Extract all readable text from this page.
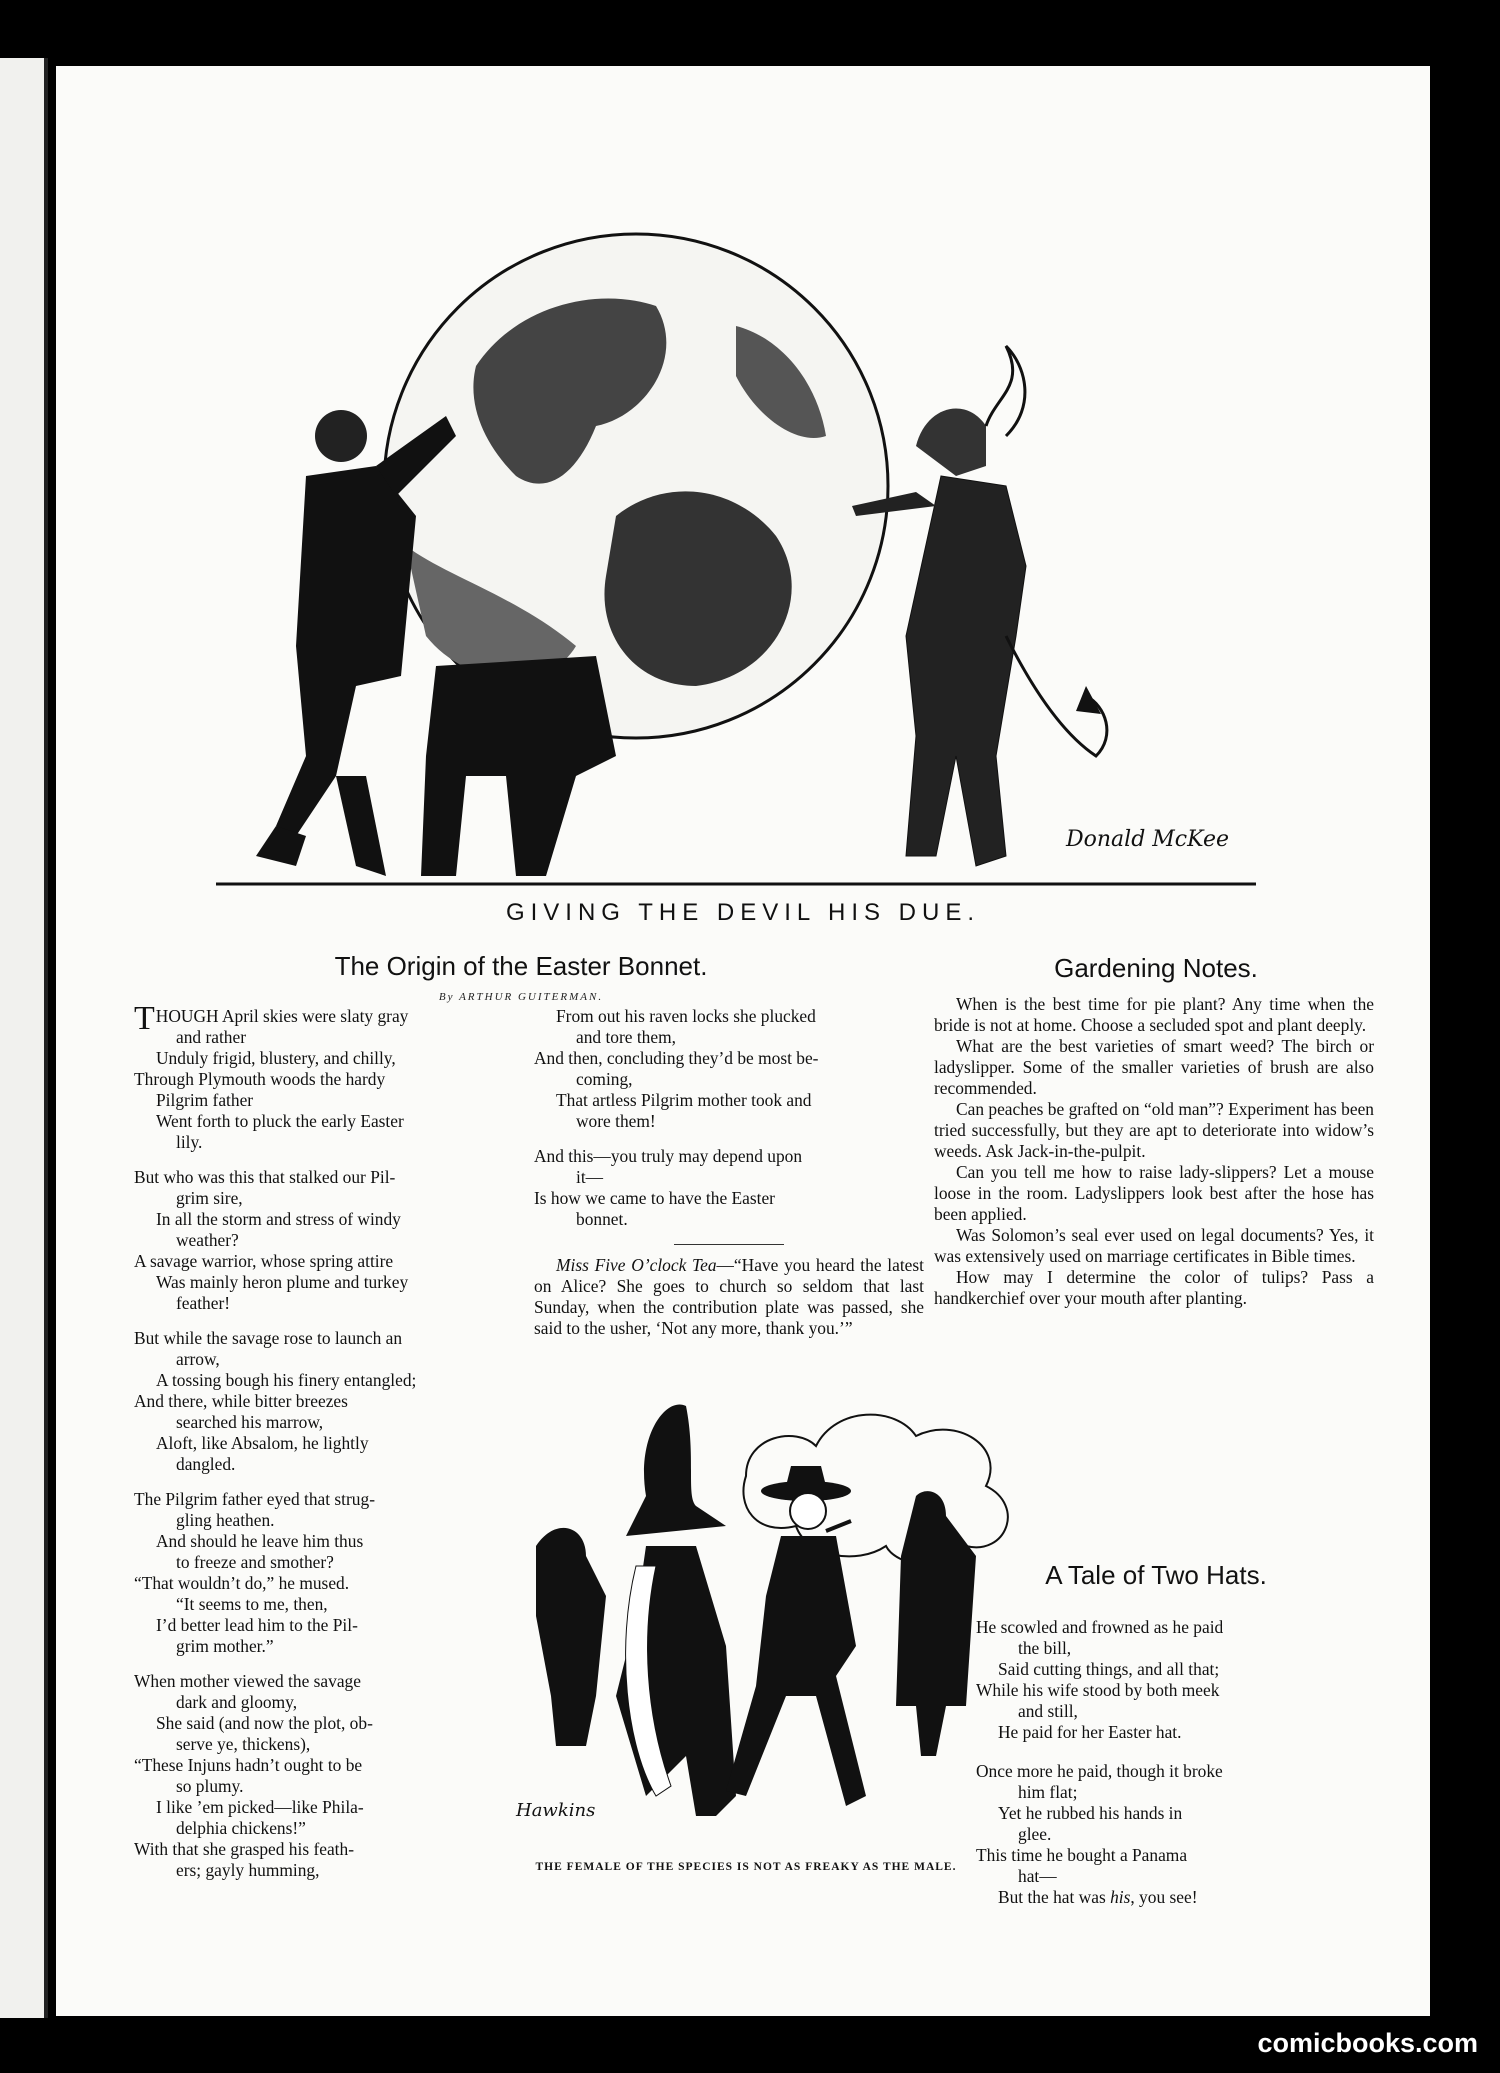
Donald McKee
GIVING THE DEVIL HIS DUE.
The Origin of the Easter Bonnet.
By ARTHUR GUITERMAN.

THOUGH April skies were slaty gray
and rather
Unduly frigid, blustery, and chilly,
Through Plymouth woods the hardy
Pilgrim father
Went forth to pluck the early Easter
lily.

But who was this that stalked our Pil-
grim sire,
In all the storm and stress of windy
weather?
A savage warrior, whose spring attire
Was mainly heron plume and turkey
feather!

But while the savage rose to launch an
arrow,
A tossing bough his finery entangled;
And there, while bitter breezes
searched his marrow,
Aloft, like Absalom, he lightly
dangled.

The Pilgrim father eyed that strug-
gling heathen.
And should he leave him thus
to freeze and smother?
“That wouldn’t do,” he mused.
“It seems to me, then,
I’d better lead him to the Pil-
grim mother.”

When mother viewed the savage
dark and gloomy,
She said (and now the plot, ob-
serve ye, thickens),
“These Injuns hadn’t ought to be
so plumy.
I like ’em picked—like Phila-
delphia chickens!”
With that she grasped his feath-
ers; gayly humming,

From out his raven locks she plucked
and tore them,
And then, concluding they’d be most be-
coming,
That artless Pilgrim mother took and
wore them!

And this—you truly may depend upon
it—
Is how we came to have the Easter
bonnet.

Miss Five O’clock Tea—“Have you heard the latest on Alice? She goes to church so seldom that last Sunday, when the contribution plate was passed, she said to the usher, ‘Not any more, thank you.’”

Hawkins
THE FEMALE OF THE SPECIES IS NOT AS FREAKY AS THE MALE.
Gardening Notes.

When is the best time for pie plant? Any time when the bride is not at home. Choose a secluded spot and plant deeply.

What are the best varieties of smart weed? The birch or ladyslipper. Some of the smaller varieties of brush are also recommended.

Can peaches be grafted on “old man”? Experiment has been tried successfully, but they are apt to deteriorate into widow’s weeds. Ask Jack-in-the-pulpit.

Can you tell me how to raise lady-slippers? Let a mouse loose in the room. Ladyslippers look best after the hose has been applied.

Was Solomon’s seal ever used on legal documents? Yes, it was extensively used on marriage certificates in Bible times.

How may I determine the color of tulips? Pass a handkerchief over your mouth after planting.

A Tale of Two Hats.

He scowled and frowned as he paid
the bill,
Said cutting things, and all that;
While his wife stood by both meek
and still,
He paid for her Easter hat.

Once more he paid, though it broke
him flat;
Yet he rubbed his hands in
glee.
This time he bought a Panama
hat—
But the hat was his, you see!

comicbooks.com
